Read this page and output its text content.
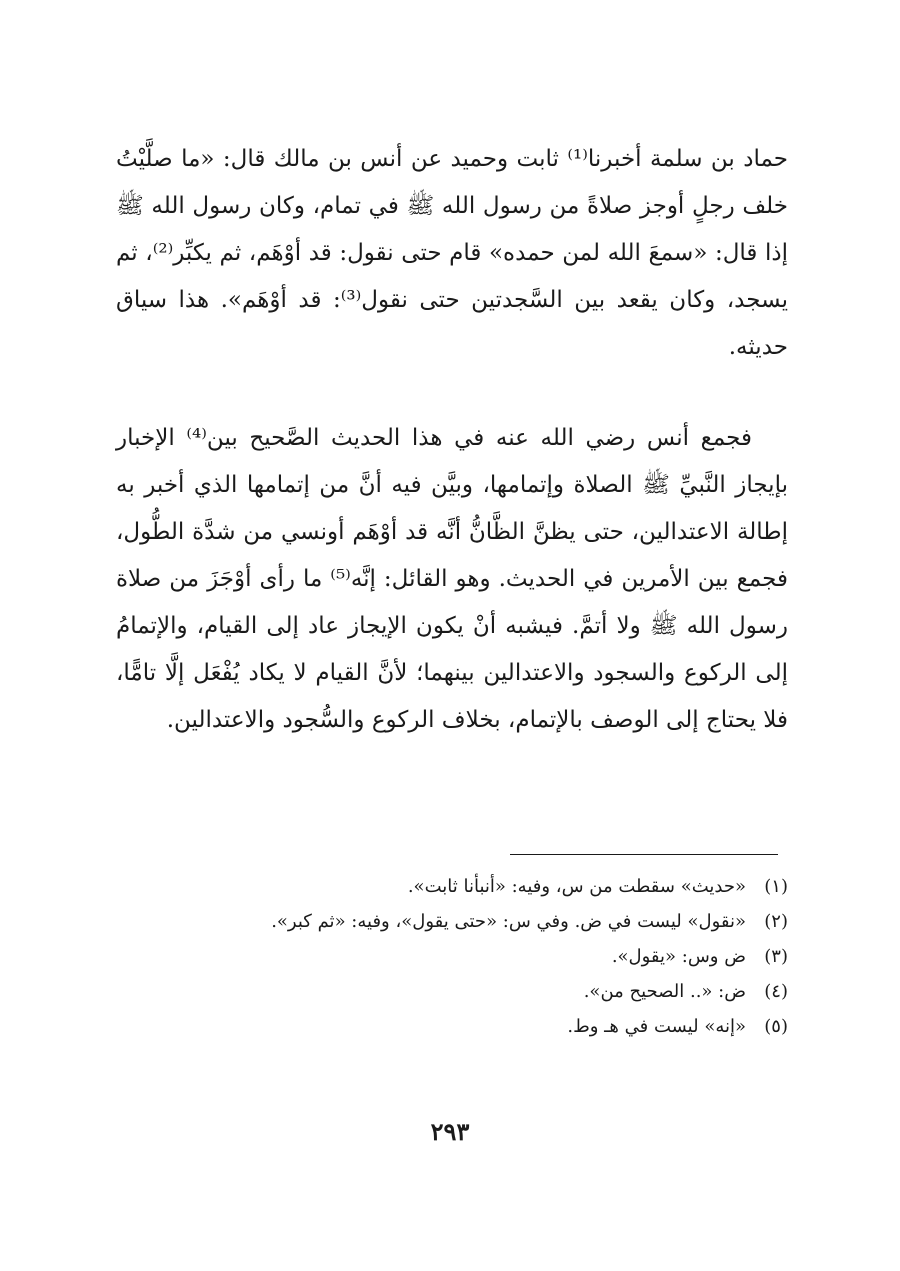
حماد بن سلمة أخبرنا⁽¹⁾ ثابت وحميد عن أنس بن مالك قال: «ما صلَّيْتُ خلف رجلٍ أوجز صلاةً من رسول الله ﷺ في تمام، وكان رسول الله ﷺ إذا قال: «سمعَ الله لمن حمده» قام حتى نقول: قد أوْهَم، ثم يكبِّر⁽²⁾، ثم يسجد، وكان يقعد بين السَّجدتين حتى نقول⁽³⁾: قد أوْهَم». هذا سياق حديثه.

فجمع أنس رضي الله عنه في هذا الحديث الصَّحيح بين⁽⁴⁾ الإخبار بإيجاز النَّبيِّ ﷺ الصلاة وإتمامها، وبيَّن فيه أنَّ من إتمامها الذي أخبر به إطالة الاعتدالين، حتى يظنَّ الظَّانُّ أنَّه قد أوْهَم أونسي من شدَّة الطُّول، فجمع بين الأمرين في الحديث. وهو القائل: إنَّه⁽⁵⁾ ما رأى أوْجَزَ من صلاة رسول الله ﷺ ولا أتمَّ. فيشبه أنْ يكون الإيجاز عاد إلى القيام، والإتمامُ إلى الركوع والسجود والاعتدالين بينهما؛ لأنَّ القيام لا يكاد يُفْعَل إلَّا تامًّا، فلا يحتاج إلى الوصف بالإتمام، بخلاف الركوع والسُّجود والاعتدالين.

(١)«حديث» سقطت من س، وفيه: «أنبأنا ثابت».
(٢)«نقول» ليست في ض. وفي س: «حتى يقول»، وفيه: «ثم كبر».
(٣)ض وس: «يقول».
(٤)ض: «.. الصحيح من».
(٥)«إنه» ليست في هـ وط.
٢٩٣
